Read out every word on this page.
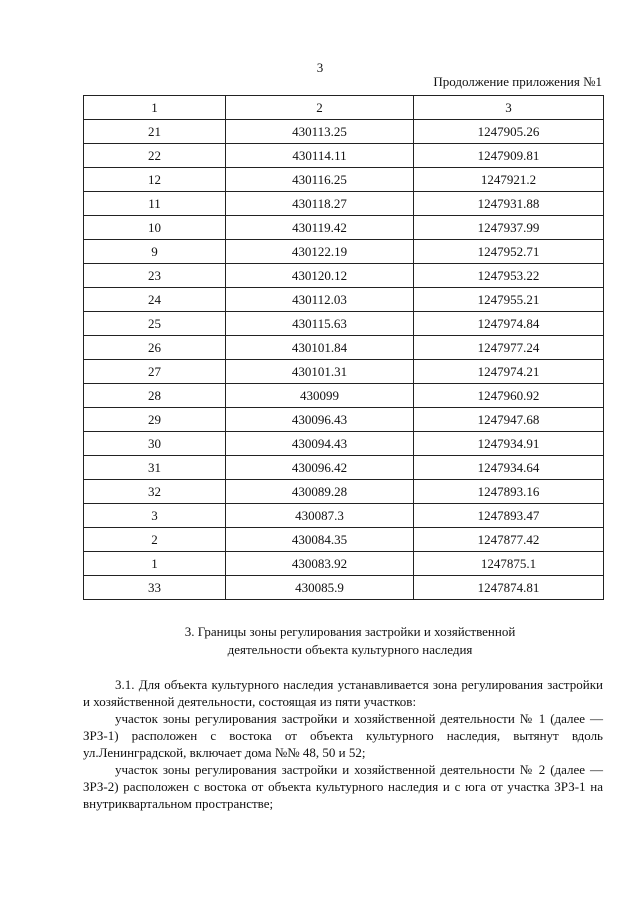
3
Продолжение приложения №1
1	2	3
21	430113.25	1247905.26
22	430114.11	1247909.81
12	430116.25	1247921.2
11	430118.27	1247931.88
10	430119.42	1247937.99
9	430122.19	1247952.71
23	430120.12	1247953.22
24	430112.03	1247955.21
25	430115.63	1247974.84
26	430101.84	1247977.24
27	430101.31	1247974.21
28	430099	1247960.92
29	430096.43	1247947.68
30	430094.43	1247934.91
31	430096.42	1247934.64
32	430089.28	1247893.16
3	430087.3	1247893.47
2	430084.35	1247877.42
1	430083.92	1247875.1
33	430085.9	1247874.81
3. Границы зоны регулирования застройки и хозяйственной
деятельности объекта культурного наследия

3.1. Для объекта культурного наследия устанавливается зона регулирования застройки и хозяйственной деятельности, состоящая из пяти участков:

участок зоны регулирования застройки и хозяйственной деятельности № 1 (далее — ЗРЗ-1) расположен с востока от объекта культурного наследия, вытянут вдоль ул.Ленинградской, включает дома №№ 48, 50 и 52;

участок зоны регулирования застройки и хозяйственной деятельности № 2 (далее — ЗРЗ-2) расположен с востока от объекта культурного наследия и с юга от участка ЗРЗ-1 на внутриквартальном пространстве;
